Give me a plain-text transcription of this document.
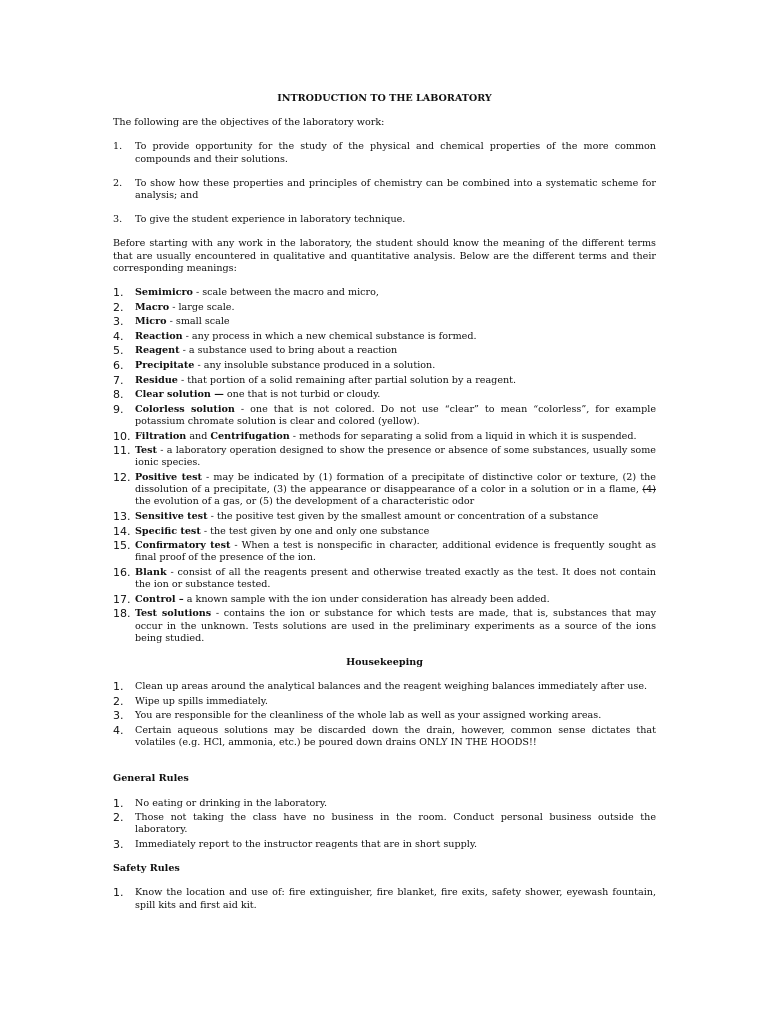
INTRODUCTION TO THE LABORATORY

The following are the objectives of the laboratory work:

1.	To provide opportunity for the study of the physical and chemical properties of the more common compounds and their solutions.
2.	To show how these properties and principles of chemistry can be combined into a systematic scheme for analysis; and
3.	To give the student experience in laboratory technique.

Before starting with any work in the laboratory, the student should know the meaning of the different terms that are usually encountered in qualitative and quantitative analysis. Below are the different terms and their corresponding meanings:

1.	Semimicro - scale between the macro and micro,
2.	Macro - large scale.
3.	Micro - small scale
4.	Reaction - any process in which a new chemical substance is formed.
5.	Reagent - a substance used to bring about a reaction
6.	Precipitate - any insoluble substance produced in a solution.
7.	Residue - that portion of a solid remaining after partial solution by a reagent.
8.	Clear solution — one that is not turbid or cloudy.
9.	Colorless solution - one that is not colored. Do not use “clear” to mean “colorless”, for example potassium chromate solution is clear and colored (yellow).
10. Filtration and Centrifugation - methods for separating a solid from a liquid in which it is suspended.
11. Test - a laboratory operation designed to show the presence or absence of some substances, usually some ionic species.
12. Positive test - may be indicated by (1) formation of a precipitate of distinctive color or texture, (2) the dissolution of a precipitate, (3) the appearance or disappearance of a color in a solution or in a flame, (4) the evolution of a gas, or (5) the development of a characteristic odor
13. Sensitive test - the positive test given by the smallest amount or concentration of a substance
14. Specific test - the test given by one and only one substance
15. Confirmatory test - When a test is nonspecific in character, additional evidence is frequently sought as final proof of the presence of the ion.
16. Blank - consist of all the reagents present and otherwise treated exactly as the test. It does not contain the ion or substance tested.
17. Control – a known sample with the ion under consideration has already been added.
18. Test solutions - contains the ion or substance for which tests are made, that is, substances that may occur in the unknown. Tests solutions are used in the preliminary experiments as a source of the ions being studied.

Housekeeping

1.	Clean up areas around the analytical balances and the reagent weighing balances immediately after use.
2.	Wipe up spills immediately.
3.	You are responsible for the cleanliness of the whole lab as well as your assigned working areas.
4.	Certain aqueous solutions may be discarded down the drain, however, common sense dictates that volatiles (e.g. HCl, ammonia, etc.) be poured down drains ONLY IN THE HOODS!!

General Rules

1.	No eating or drinking in the laboratory.
2.	Those not taking the class have no business in the room. Conduct personal business outside the laboratory.
3.	Immediately report to the instructor reagents that are in short supply.

Safety Rules

1.	Know the location and use of: fire extinguisher, fire blanket, fire exits, safety shower, eyewash fountain, spill kits and first aid kit.
